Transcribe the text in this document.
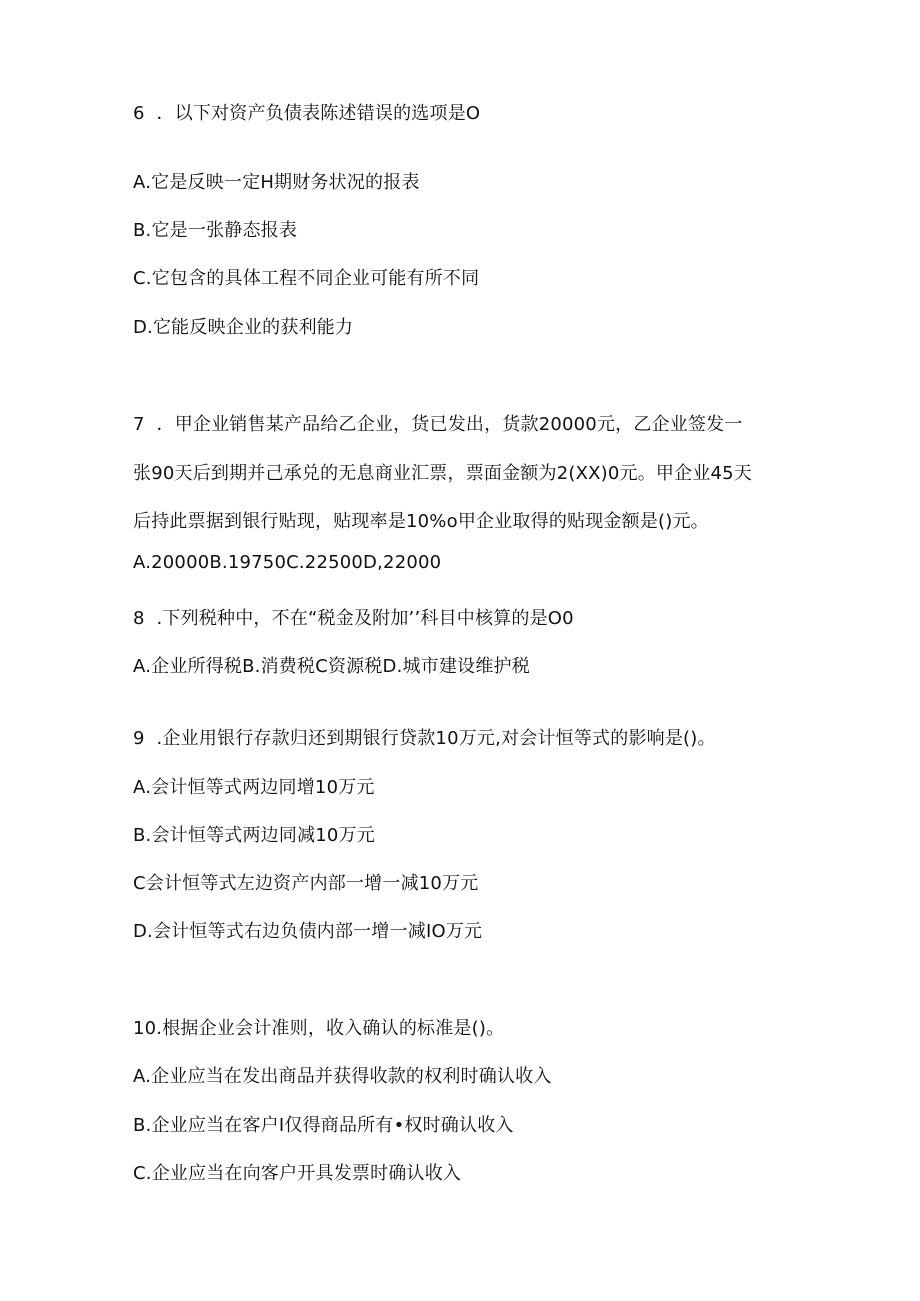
6  ．以下对资产负债表陈述错误的选项是O

A.它是反映一定H期财务状况的报表

B.它是一张静态报表

C.它包含的具体工程不同企业可能有所不同

D.它能反映企业的获利能力

7  ．甲企业销售某产品给乙企业，货已发出，货款20000元，乙企业签发一

张90天后到期并己承兑的无息商业汇票，票面金额为2(XX)0元。甲企业45天

后持此票据到银行贴现，贴现率是10%o甲企业取得的贴现金额是()元。

A.20000B.19750C.22500D,22000

8  .下列税种中，不在“税金及附加’’科目中核算的是O0

A.企业所得税B.消费税C资源税D.城市建设维护税

9  .企业用银行存款归还到期银行贷款10万元,对会计恒等式的影响是()。

A.会计恒等式两边同增10万元

B.会计恒等式两边同减10万元

C会计恒等式左边资产内部一增一减10万元

D.会计恒等式右边负债内部一增一减IO万元

10.根据企业会计准则，收入确认的标准是()。

A.企业应当在发出商品并获得收款的权利时确认收入

B.企业应当在客户I仅得商品所有•权时确认收入

C.企业应当在向客户开具发票时确认收入
